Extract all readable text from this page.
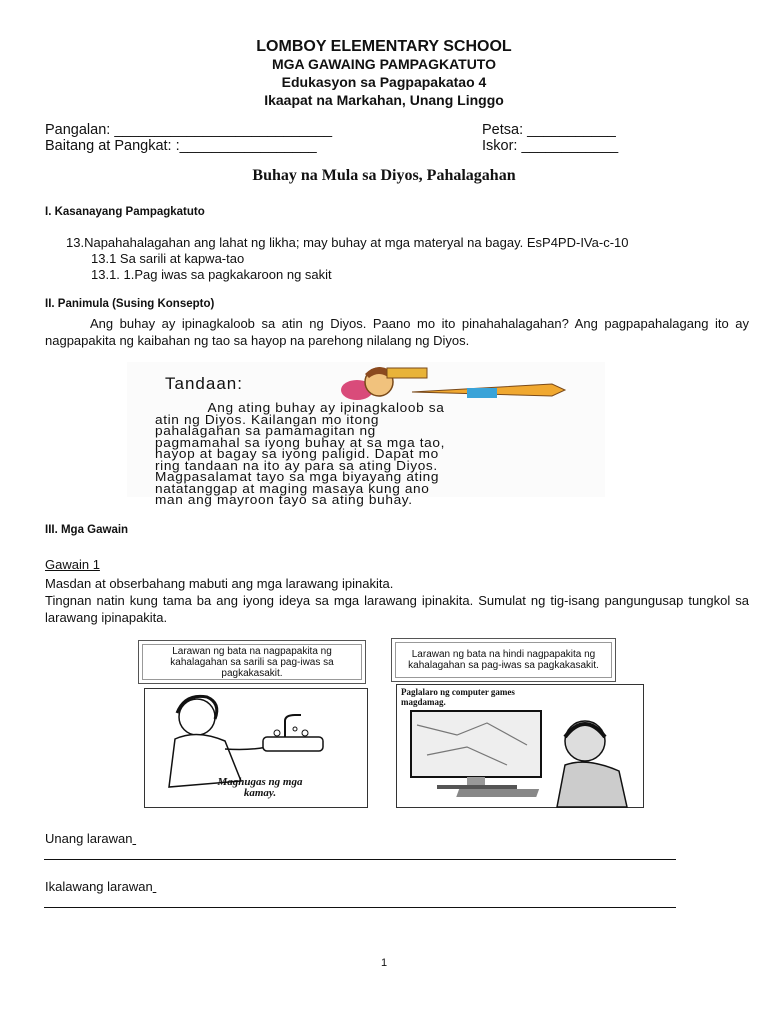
LOMBOY ELEMENTARY SCHOOL
MGA GAWAING PAMPAGKATUTO
Edukasyon sa Pagpapakatao 4
Ikaapat na Markahan, Unang Linggo
Pangalan: ___________________________
Baitang at Pangkat: :_________________
Petsa: ___________
Iskor: ____________
Buhay na Mula sa Diyos, Pahalagahan
I. Kasanayang Pampagkatuto
13.Napahahalagahan ang lahat ng likha; may buhay at mga materyal na bagay. EsP4PD-IVa-c-10
13.1 Sa sarili at kapwa-tao
13.1. 1.Pag iwas sa pagkakaroon ng sakit
II. Panimula (Susing Konsepto)
Ang buhay ay ipinagkaloob sa atin ng Diyos. Paano mo ito pinahahalagahan? Ang pagpapahalagang ito ay nagpapakita ng kaibahan ng tao sa hayop na parehong nilalang ng Diyos.
Tandaan:
Ang ating buhay ay ipinagkaloob sa
atin ng Diyos. Kailangan mo itong
pahalagahan sa pamamagitan ng
pagmamahal sa iyong buhay at sa mga tao,
hayop at bagay sa iyong paligid. Dapat mo
ring tandaan na ito ay para sa ating Diyos.
Magpasalamat tayo sa mga biyayang ating
natatanggap at maging masaya kung ano
man ang mayroon tayo sa ating buhay.
III. Mga Gawain
Gawain 1
Masdan at obserbahang mabuti ang mga larawang ipinakita.
Tingnan natin kung tama ba ang iyong ideya sa mga larawang ipinakita. Sumulat ng tig-isang pangungusap tungkol sa larawang ipinapakita.
Larawan ng bata na nagpapakita ng kahalagahan sa sarili sa pag-iwas sa pagkakasakit.
Larawan ng bata na hindi nagpapakita ng kahalagahan sa pag-iwas sa pagkakasakit.
Maghugas ng mga kamay.
Paglalaro ng computer games magdamag.
Unang larawan
Ikalawang larawan
1
